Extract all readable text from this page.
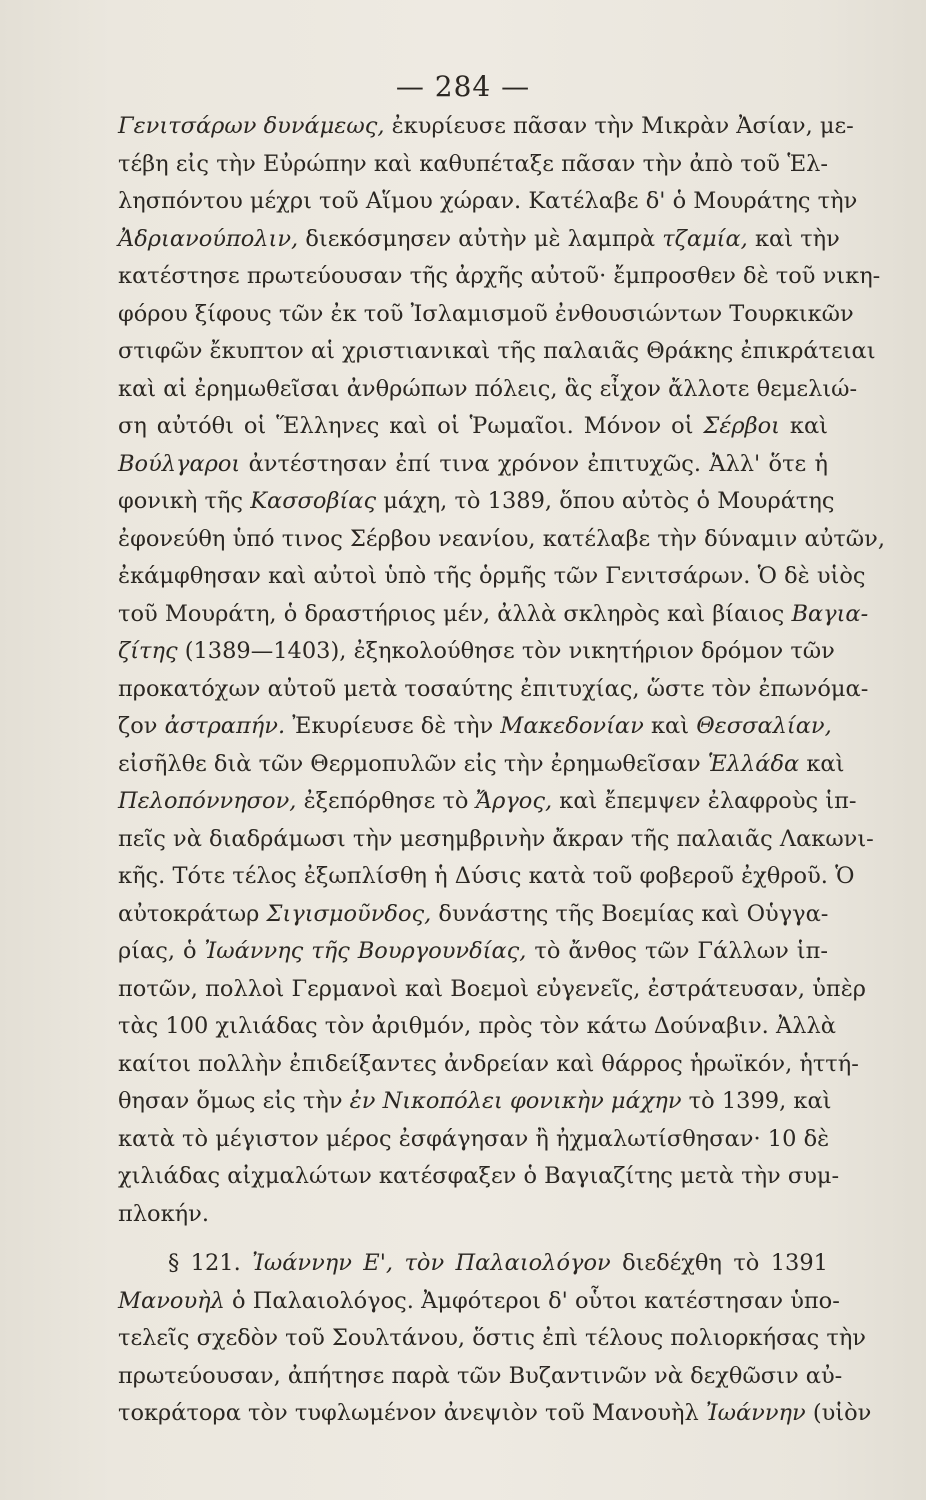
— 284 —
Γενιτσάρων δυνάμεως, ἐκυρίευσε πᾶσαν τὴν Μικρὰν Ἀσίαν, με-
τέβη εἰς τὴν Εὐρώπην καὶ καθυπέταξε πᾶσαν τὴν ἀπὸ τοῦ Ἑλ-
λησπόντου μέχρι τοῦ Αἵμου χώραν. Κατέλαβε δ' ὁ Μουράτης τὴν
Ἀδριανούπολιν, διεκόσμησεν αὐτὴν μὲ λαμπρὰ τζαμία, καὶ τὴν
κατέστησε πρωτεύουσαν τῆς ἀρχῆς αὐτοῦ· ἔμπροσθεν δὲ τοῦ νικη-
φόρου ξίφους τῶν ἐκ τοῦ Ἰσλαμισμοῦ ἐνθουσιώντων Τουρκικῶν
στιφῶν ἔκυπτον αἱ χριστιανικαὶ τῆς παλαιᾶς Θράκης ἐπικράτειαι
καὶ αἱ ἐρημωθεῖσαι ἀνθρώπων πόλεις, ἃς εἶχον ἄλλοτε θεμελιώ-
ση αὐτόθι οἱ Ἕλληνες καὶ οἱ Ῥωμαῖοι. Μόνον οἱ Σέρβοι καὶ
Βούλγαροι ἀντέστησαν ἐπί τινα χρόνον ἐπιτυχῶς. Ἀλλ' ὅτε ἡ
φονικὴ τῆς Κασσοβίας μάχη, τὸ 1389, ὅπου αὐτὸς ὁ Μουράτης
ἐφονεύθη ὑπό τινος Σέρβου νεανίου, κατέλαβε τὴν δύναμιν αὐτῶν,
ἐκάμφθησαν καὶ αὐτοὶ ὑπὸ τῆς ὁρμῆς τῶν Γενιτσάρων. Ὁ δὲ υἱὸς
τοῦ Μουράτη, ὁ δραστήριος μέν, ἀλλὰ σκληρὸς καὶ βίαιος Βαγια-
ζίτης (1389—1403), ἐξηκολούθησε τὸν νικητήριον δρόμον τῶν
προκατόχων αὐτοῦ μετὰ τοσαύτης ἐπιτυχίας, ὥστε τὸν ἐπωνόμα-
ζον ἀστραπήν. Ἐκυρίευσε δὲ τὴν Μακεδονίαν καὶ Θεσσαλίαν,
εἰσῆλθε διὰ τῶν Θερμοπυλῶν εἰς τὴν ἐρημωθεῖσαν Ἑλλάδα καὶ
Πελοπόννησον, ἐξεπόρθησε τὸ Ἄργος, καὶ ἔπεμψεν ἐλαφροὺς ἱπ-
πεῖς νὰ διαδράμωσι τὴν μεσημβρινὴν ἄκραν τῆς παλαιᾶς Λακωνι-
κῆς. Τότε τέλος ἐξωπλίσθη ἡ Δύσις κατὰ τοῦ φοβεροῦ ἐχθροῦ. Ὁ
αὐτοκράτωρ Σιγισμοῦνδος, δυνάστης τῆς Βοεμίας καὶ Οὑγγα-
ρίας, ὁ Ἰωάννης τῆς Βουργουνδίας, τὸ ἄνθος τῶν Γάλλων ἱπ-
ποτῶν, πολλοὶ Γερμανοὶ καὶ Βοεμοὶ εὐγενεῖς, ἐστράτευσαν, ὑπὲρ
τὰς 100 χιλιάδας τὸν ἀριθμόν, πρὸς τὸν κάτω Δούναβιν. Ἀλλὰ
καίτοι πολλὴν ἐπιδείξαντες ἀνδρείαν καὶ θάρρος ἡρωϊκόν, ἡττή-
θησαν ὅμως εἰς τὴν ἐν Νικοπόλει φονικὴν μάχην τὸ 1399, καὶ
κατὰ τὸ μέγιστον μέρος ἐσφάγησαν ἢ ἠχμαλωτίσθησαν· 10 δὲ
χιλιάδας αἰχμαλώτων κατέσφαξεν ὁ Βαγιαζίτης μετὰ τὴν συμ-
πλοκήν.
§ 121. Ἰωάννην Ε', τὸν Παλαιολόγον διεδέχθη τὸ 1391
Μανουὴλ ὁ Παλαιολόγος. Ἀμφότεροι δ' οὗτοι κατέστησαν ὑπο-
τελεῖς σχεδὸν τοῦ Σουλτάνου, ὅστις ἐπὶ τέλους πολιορκήσας τὴν
πρωτεύουσαν, ἀπήτησε παρὰ τῶν Βυζαντινῶν νὰ δεχθῶσιν αὐ-
τοκράτορα τὸν τυφλωμένον ἀνεψιὸν τοῦ Μανουὴλ Ἰωάννην (υἱὸν
